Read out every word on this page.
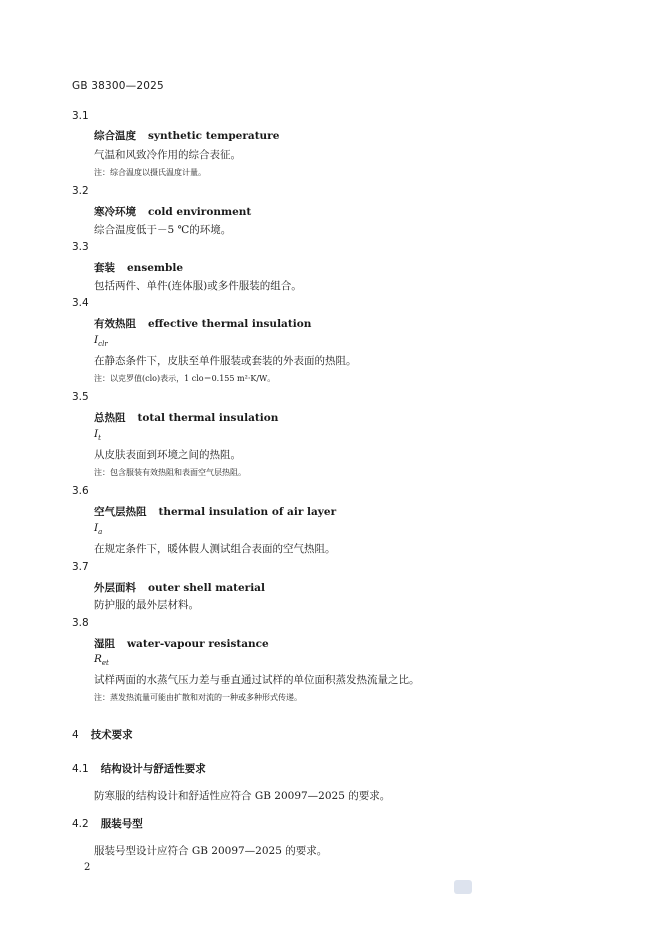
GB 38300—2025
3.1
综合温度 synthetic temperature
气温和风致冷作用的综合表征。
注：综合温度以摄氏温度计量。
3.2
寒冷环境 cold environment
综合温度低于－5 ℃的环境。
3.3
套装 ensemble
包括两件、单件(连体服)或多件服装的组合。
3.4
有效热阻 effective thermal insulation
$I_{clr}$
在静态条件下，皮肤至单件服装或套装的外表面的热阻。
注：以克罗值(clo)表示，1 clo＝0.155 m²·K/W。
3.5
总热阻 total thermal insulation
$I_t$
从皮肤表面到环境之间的热阻。
注：包含服装有效热阻和表面空气层热阻。
3.6
空气层热阻 thermal insulation of air layer
$I_a$
在规定条件下，暖体假人测试组合表面的空气热阻。
3.7
外层面料 outer shell material
防护服的最外层材料。
3.8
湿阻 water-vapour resistance
$R_{et}$
试样两面的水蒸气压力差与垂直通过试样的单位面积蒸发热流量之比。
注：蒸发热流量可能由扩散和对流的一种或多种形式传递。
4 技术要求
4.1 结构设计与舒适性要求
防寒服的结构设计和舒适性应符合 GB 20097—2025 的要求。
4.2 服装号型
服装号型设计应符合 GB 20097—2025 的要求。
2
